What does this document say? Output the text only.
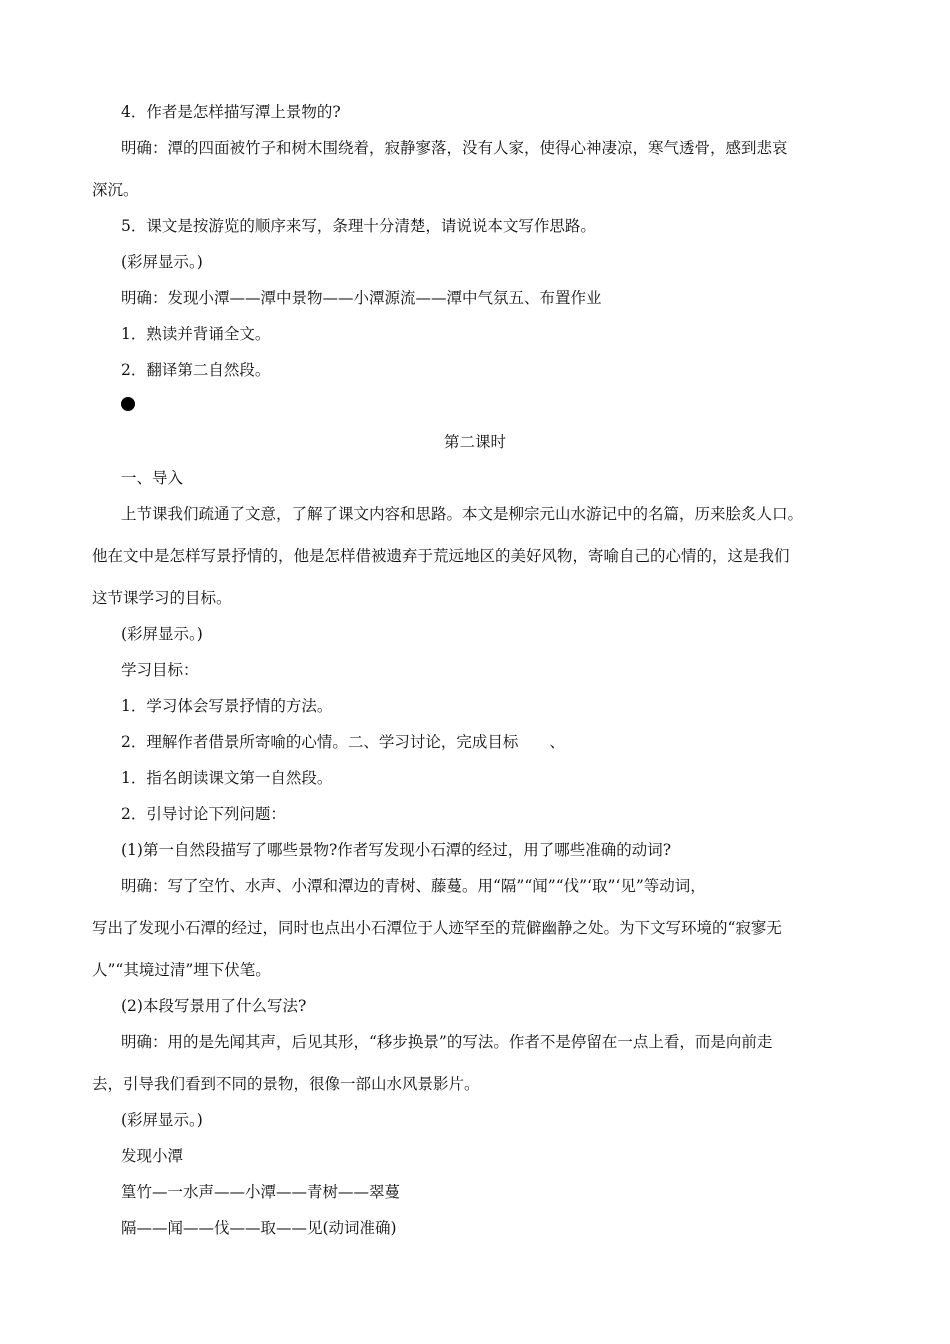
4．作者是怎样描写潭上景物的?
明确：潭的四面被竹子和树木围绕着，寂静寥落，没有人家，使得心神凄凉，寒气透骨，感到悲哀
深沉。
5．课文是按游览的顺序来写，条理十分清楚，请说说本文写作思路。
(彩屏显示。)
明确：发现小潭——潭中景物——小潭源流——潭中气氛五、布置作业
1．熟读并背诵全文。
2．翻译第二自然段。
第二课时
一、导入
上节课我们疏通了文意，了解了课文内容和思路。本文是柳宗元山水游记中的名篇，历来脍炙人口。
他在文中是怎样写景抒情的，他是怎样借被遗弃于荒远地区的美好风物，寄喻自己的心情的，这是我们
这节课学习的目标。
(彩屏显示。)
学习目标：
1．学习体会写景抒情的方法。
2．理解作者借景所寄喻的心情。二、学习讨论，完成目标　　、
1．指名朗读课文第一自然段。
2．引导讨论下列问题：
(1)第一自然段描写了哪些景物?作者写发现小石潭的经过，用了哪些准确的动词?
明确：写了空竹、水声、小潭和潭边的青树、藤蔓。用“隔”“闻”“伐”‘取”‘见”等动词，
写出了发现小石潭的经过，同时也点出小石潭位于人迹罕至的荒僻幽静之处。为下文写环境的“寂寥无
人”“其境过清”埋下伏笔。
(2)本段写景用了什么写法?
明确：用的是先闻其声，后见其形，“移步换景”的写法。作者不是停留在一点上看，而是向前走
去，引导我们看到不同的景物，很像一部山水风景影片。
(彩屏显示。)
发现小潭
篁竹—一水声——小潭——青树——翠蔓
隔——闻——伐——取——见(动词准确)
